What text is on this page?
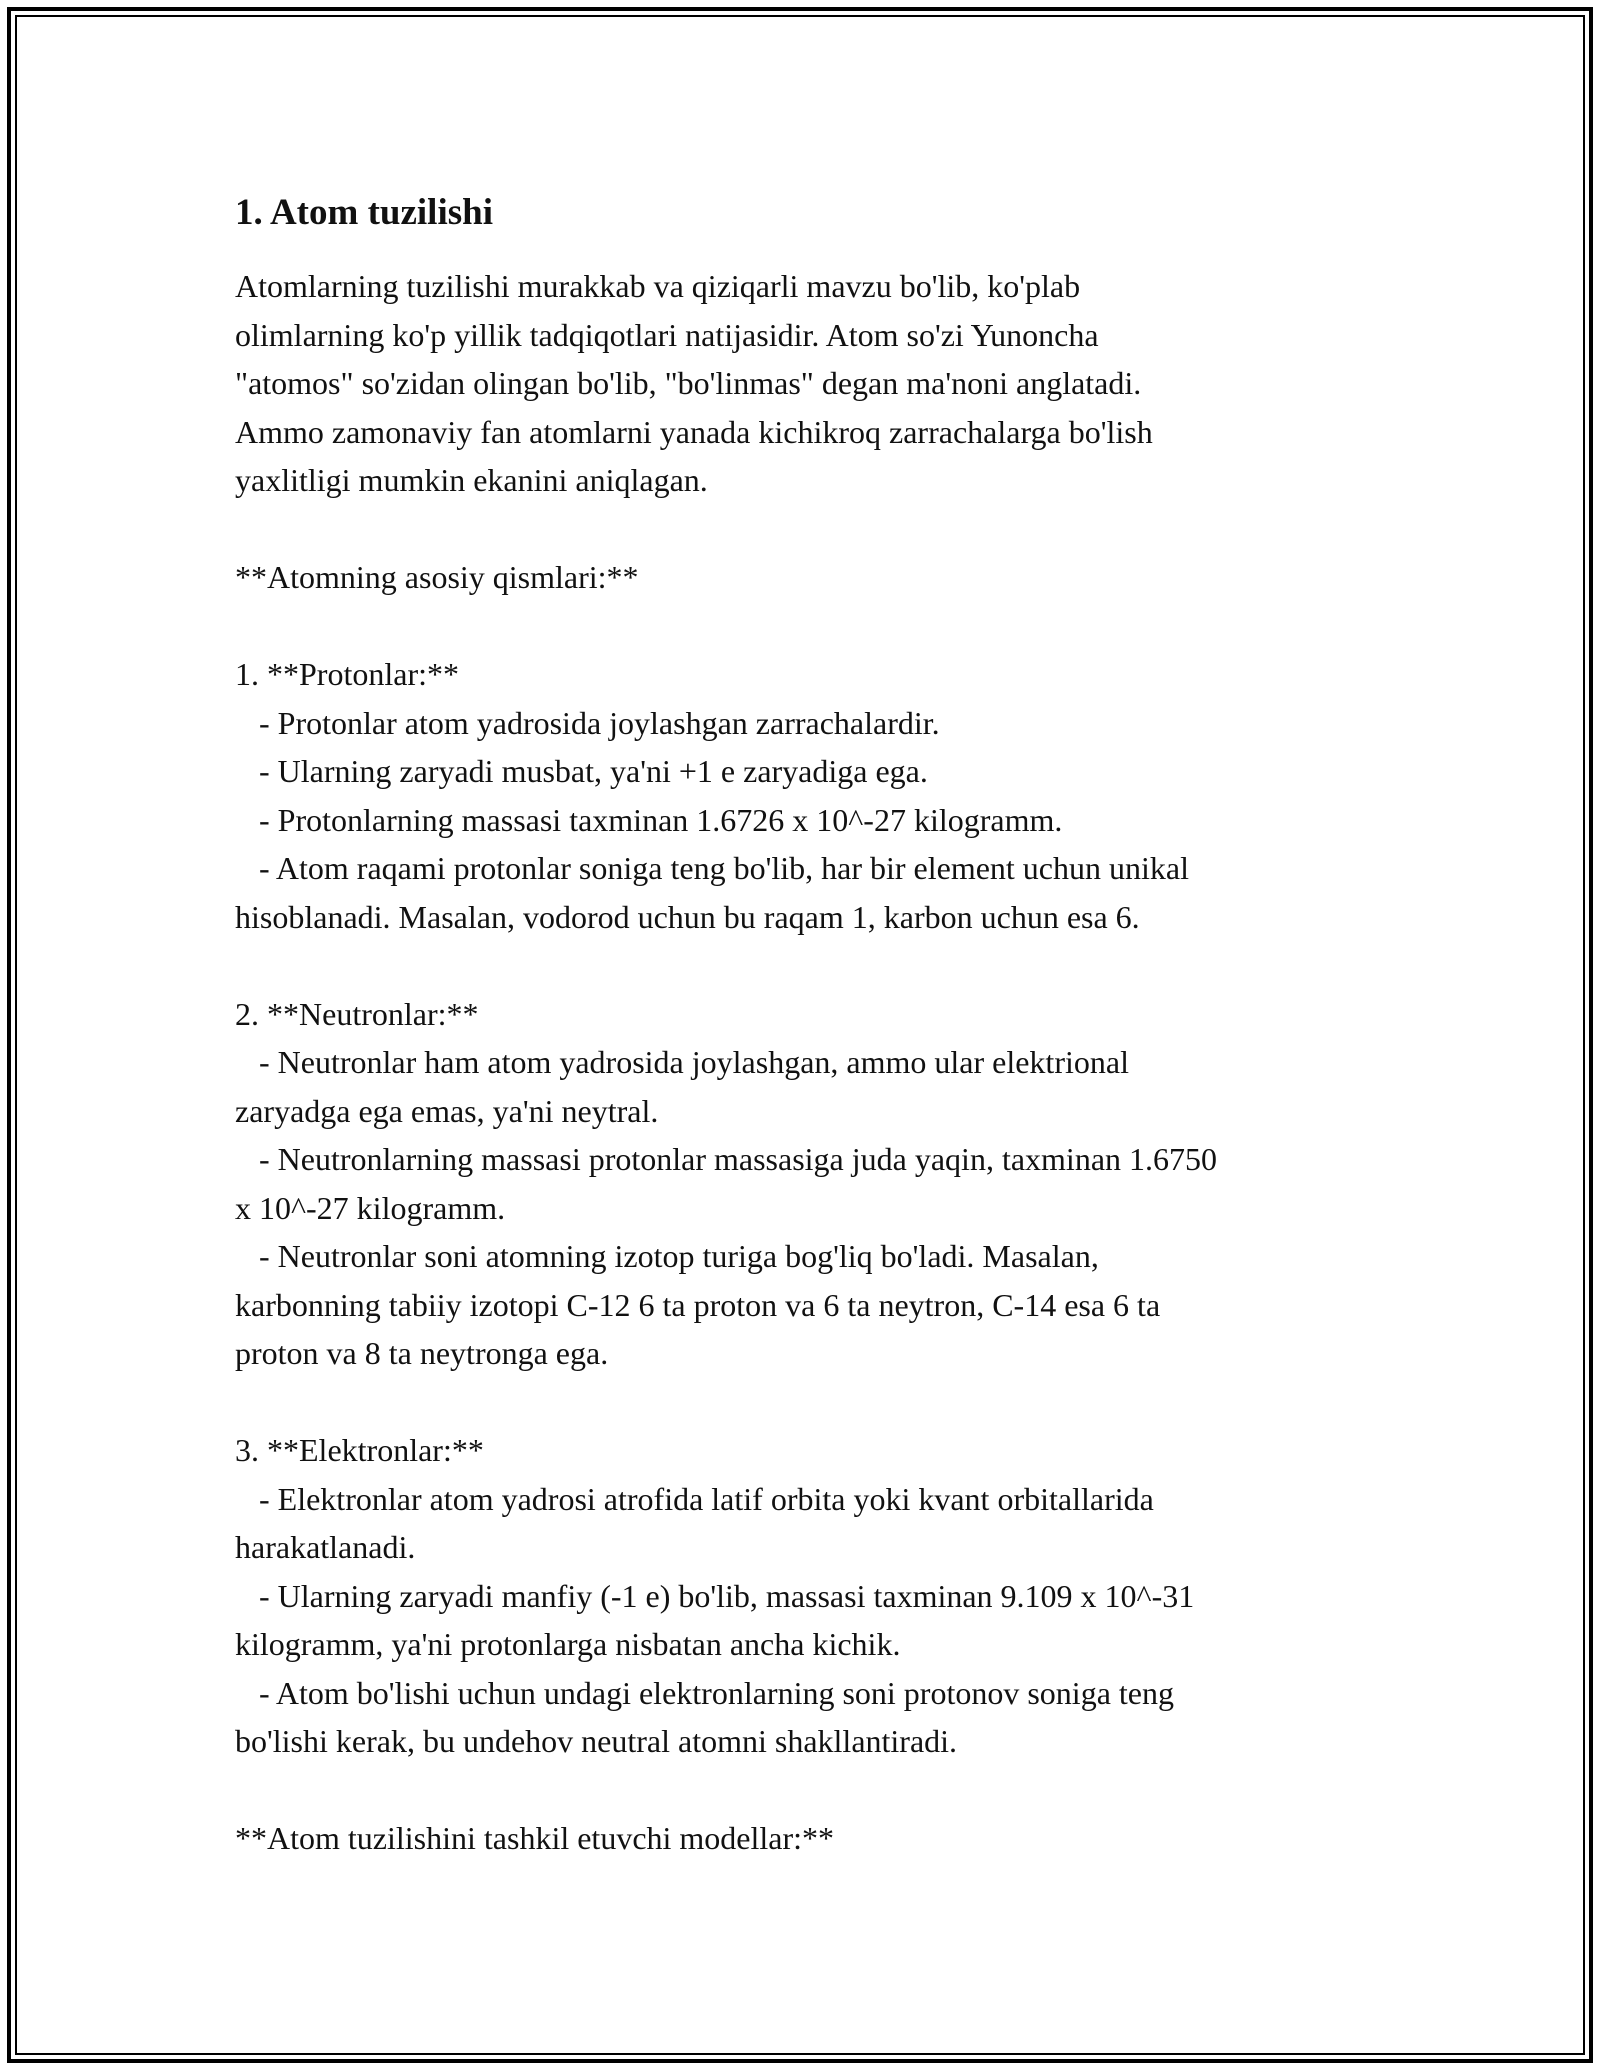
1. Atom tuzilishi

Atomlarning tuzilishi murakkab va qiziqarli mavzu bo'lib, ko'plab

olimlarning ko'p yillik tadqiqotlari natijasidir. Atom so'zi Yunoncha

"atomos" so'zidan olingan bo'lib, "bo'linmas" degan ma'noni anglatadi.

Ammo zamonaviy fan atomlarni yanada kichikroq zarrachalarga bo'lish

yaxlitligi mumkin ekanini aniqlagan.

**Atomning asosiy qismlari:**

1. **Protonlar:**

- Protonlar atom yadrosida joylashgan zarrachalardir.

- Ularning zaryadi musbat, ya'ni +1 e zaryadiga ega.

- Protonlarning massasi taxminan 1.6726 x 10^-27 kilogramm.

- Atom raqami protonlar soniga teng bo'lib, har bir element uchun unikal

hisoblanadi. Masalan, vodorod uchun bu raqam 1, karbon uchun esa 6.

2. **Neutronlar:**

- Neutronlar ham atom yadrosida joylashgan, ammo ular elektrional

zaryadga ega emas, ya'ni neytral.

- Neutronlarning massasi protonlar massasiga juda yaqin, taxminan 1.6750

x 10^-27 kilogramm.

- Neutronlar soni atomning izotop turiga bog'liq bo'ladi. Masalan,

karbonning tabiiy izotopi C-12 6 ta proton va 6 ta neytron, C-14 esa 6 ta

proton va 8 ta neytronga ega.

3. **Elektronlar:**

- Elektronlar atom yadrosi atrofida latif orbita yoki kvant orbitallarida

harakatlanadi.

- Ularning zaryadi manfiy (-1 e) bo'lib, massasi taxminan 9.109 x 10^-31

kilogramm, ya'ni protonlarga nisbatan ancha kichik.

- Atom bo'lishi uchun undagi elektronlarning soni protonov soniga teng

bo'lishi kerak, bu undehov neutral atomni shakllantiradi.

**Atom tuzilishini tashkil etuvchi modellar:**
